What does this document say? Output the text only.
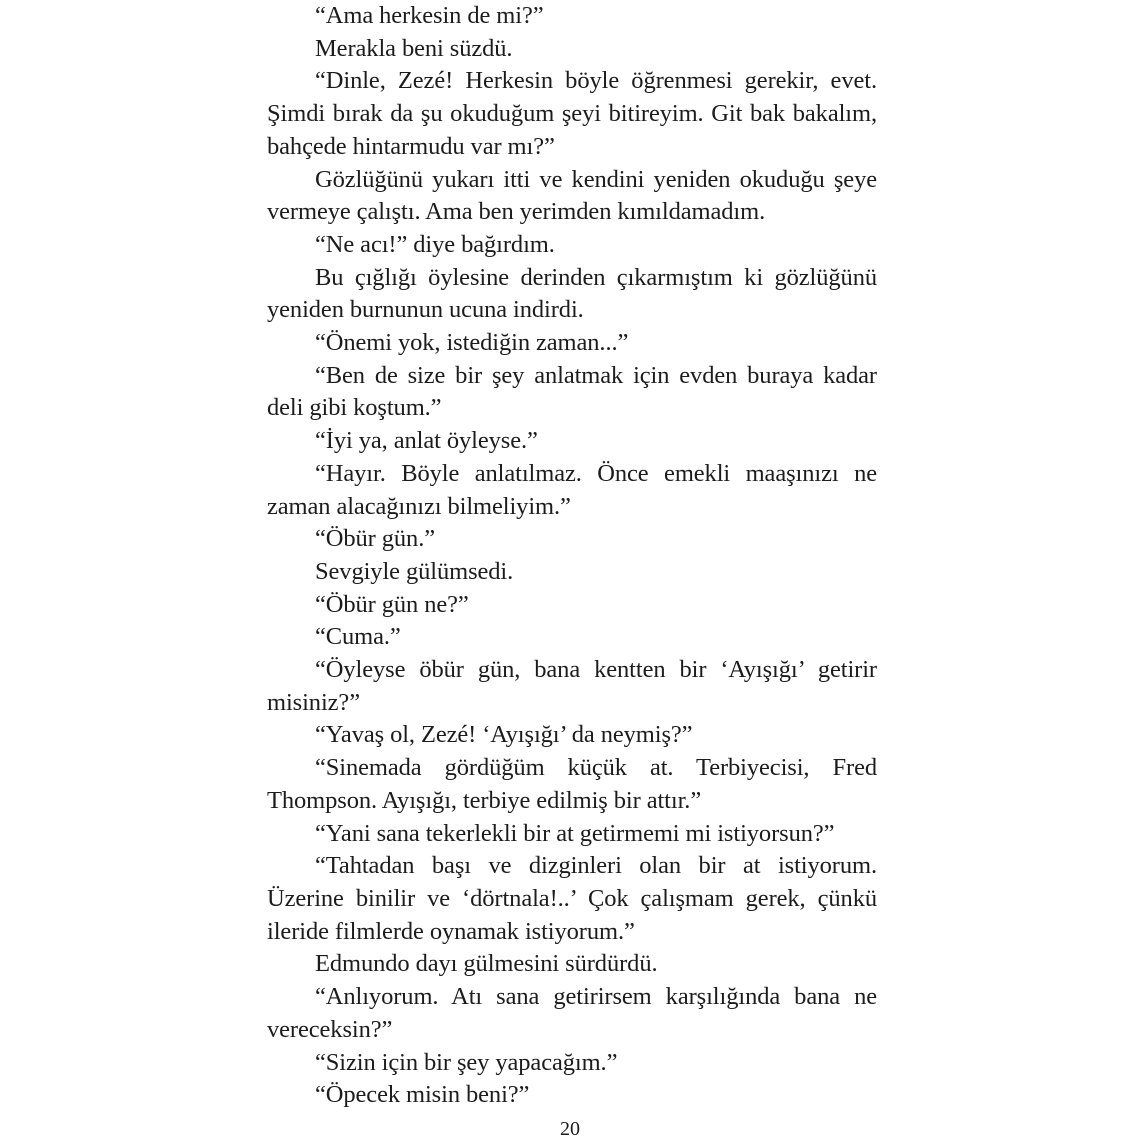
“Ama herkesin de mi?”

Merakla beni süzdü.

“Dinle, Zezé! Herkesin böyle öğrenmesi gerekir, evet. Şimdi bırak da şu okuduğum şeyi bitireyim. Git bak bakalım, bahçede hintarmudu var mı?”

Gözlüğünü yukarı itti ve kendini yeniden okuduğu şeye vermeye çalıştı. Ama ben yerimden kımıldamadım.

“Ne acı!” diye bağırdım.

Bu çığlığı öylesine derinden çıkarmıştım ki gözlüğünü yeniden burnunun ucuna indirdi.

“Önemi yok, istediğin zaman...”

“Ben de size bir şey anlatmak için evden buraya kadar deli gibi koştum.”

“İyi ya, anlat öyleyse.”

“Hayır. Böyle anlatılmaz. Önce emekli maaşınızı ne zaman alacağınızı bilmeliyim.”

“Öbür gün.”

Sevgiyle gülümsedi.

“Öbür gün ne?”

“Cuma.”

“Öyleyse öbür gün, bana kentten bir ‘Ayışığı’ getirir misiniz?”

“Yavaş ol, Zezé! ‘Ayışığı’ da neymiş?”

“Sinemada gördüğüm küçük at. Terbiyecisi, Fred Thompson. Ayışığı, terbiye edilmiş bir attır.”

“Yani sana tekerlekli bir at getirmemi mi istiyorsun?”

“Tahtadan başı ve dizginleri olan bir at istiyorum. Üzerine binilir ve ‘dörtnala!..’ Çok çalışmam gerek, çünkü ileride filmlerde oynamak istiyorum.”

Edmundo dayı gülmesini sürdürdü.

“Anlıyorum. Atı sana getirirsem karşılığında bana ne vereceksin?”

“Sizin için bir şey yapacağım.”

“Öpecek misin beni?”

20
